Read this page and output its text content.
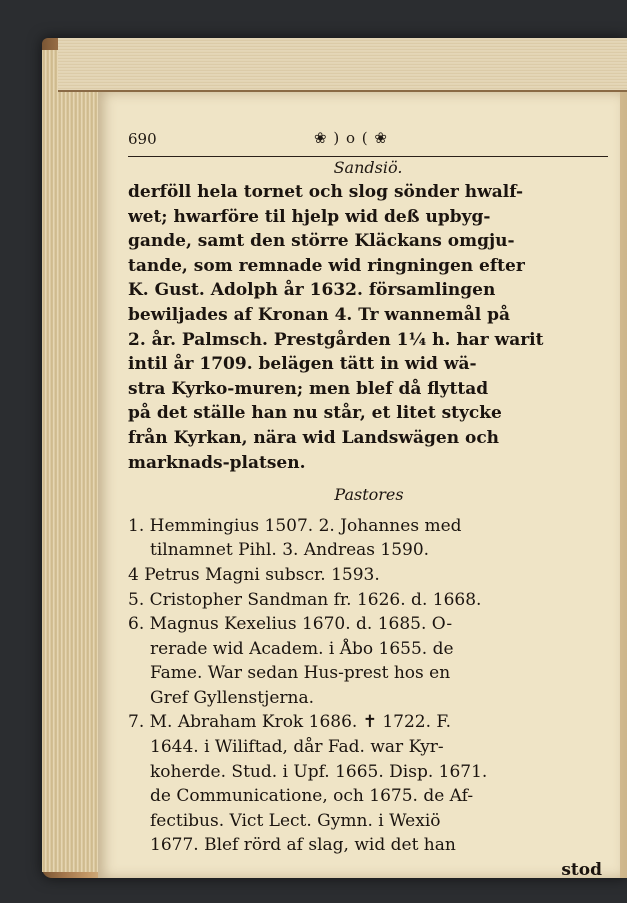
690	❀ ) o ( ❀
Sandsiö.
derföll hela tornet och slog sönder hwalf-
wet; hwarföre til hjelp wid deß upbyg-
gande, samt den större Kläckans omgju-
tande, som remnade wid ringningen efter
K. Gust. Adolph år 1632. församlingen
bewiljades af Kronan 4. Tr wannemål på
2. år. Palmsch. Prestgården 1¼ h. har warit
intil år 1709. belägen tätt in wid wä-
stra Kyrko-muren; men blef då flyttad
på det ställe han nu står, et litet stycke
från Kyrkan, nära wid Landswägen och
marknads-platsen.
Pastores
1. Hemmingius 1507. 2. Johannes med
tilnamnet Pihl. 3. Andreas 1590.
4 Petrus Magni subscr. 1593.
5. Cristopher Sandman fr. 1626. d. 1668.
6. Magnus Kexelius 1670. d. 1685. O-
rerade wid Academ. i Åbo 1655. de
Fame. War sedan Hus-prest hos en
Gref Gyllenstjerna.
7. M. Abraham Krok 1686. ✝ 1722. F.
1644. i Wiliftad, dår Fad. war Kyr-
koherde. Stud. i Upf. 1665. Disp. 1671.
de Communicatione, och 1675. de Af-
fectibus. Vict Lect. Gymn. i Wexiö
1677. Blef rörd af slag, wid det han
stod
